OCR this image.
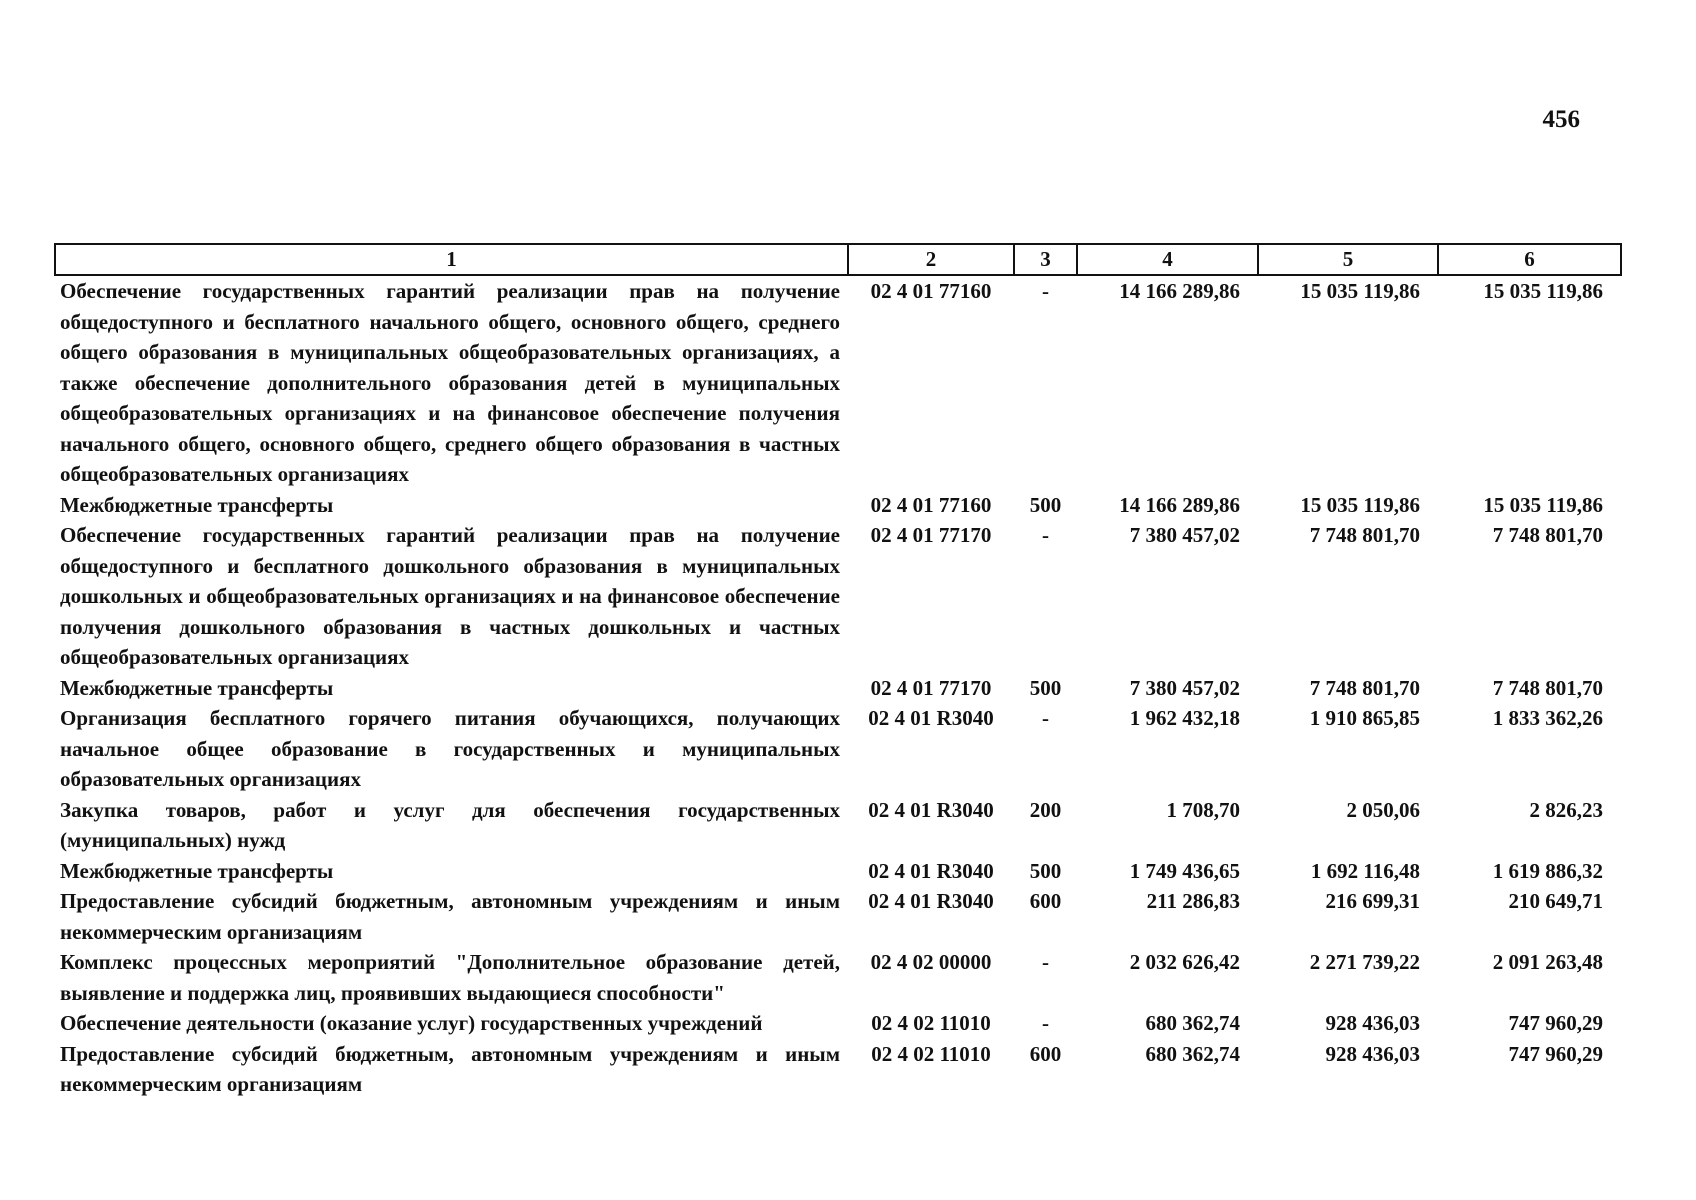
456
1	2	3	4	5	6
Обеспечение государственных гарантий реализации прав на получение общедоступного и бесплатного начального общего, основного общего, среднего общего образования в муниципальных общеобразовательных организациях, а также обеспечение дополнительного образования детей в муниципальных общеобразовательных организациях и на финансовое обеспечение получения начального общего, основного общего, среднего общего образования в частных общеобразовательных организациях	02 4 01 77160	-	14 166 289,86	15 035 119,86	15 035 119,86
Межбюджетные трансферты	02 4 01 77160	500	14 166 289,86	15 035 119,86	15 035 119,86
Обеспечение государственных гарантий реализации прав на получение общедоступного и бесплатного дошкольного образования в муниципальных дошкольных и общеобразовательных организациях и на финансовое обеспечение получения дошкольного образования в частных дошкольных и частных общеобразовательных организациях	02 4 01 77170	-	7 380 457,02	7 748 801,70	7 748 801,70
Межбюджетные трансферты	02 4 01 77170	500	7 380 457,02	7 748 801,70	7 748 801,70
Организация бесплатного горячего питания обучающихся, получающих начальное общее образование в государственных и муниципальных образовательных организациях	02 4 01 R3040	-	1 962 432,18	1 910 865,85	1 833 362,26
Закупка товаров, работ и услуг для обеспечения государственных (муниципальных) нужд	02 4 01 R3040	200	1 708,70	2 050,06	2 826,23
Межбюджетные трансферты	02 4 01 R3040	500	1 749 436,65	1 692 116,48	1 619 886,32
Предоставление субсидий бюджетным, автономным учреждениям и иным некоммерческим организациям	02 4 01 R3040	600	211 286,83	216 699,31	210 649,71
Комплекс процессных мероприятий "Дополнительное образование детей, выявление и поддержка лиц, проявивших выдающиеся способности"	02 4 02 00000	-	2 032 626,42	2 271 739,22	2 091 263,48
Обеспечение деятельности (оказание услуг) государственных учреждений	02 4 02 11010	-	680 362,74	928 436,03	747 960,29
Предоставление субсидий бюджетным, автономным учреждениям и иным некоммерческим организациям	02 4 02 11010	600	680 362,74	928 436,03	747 960,29
